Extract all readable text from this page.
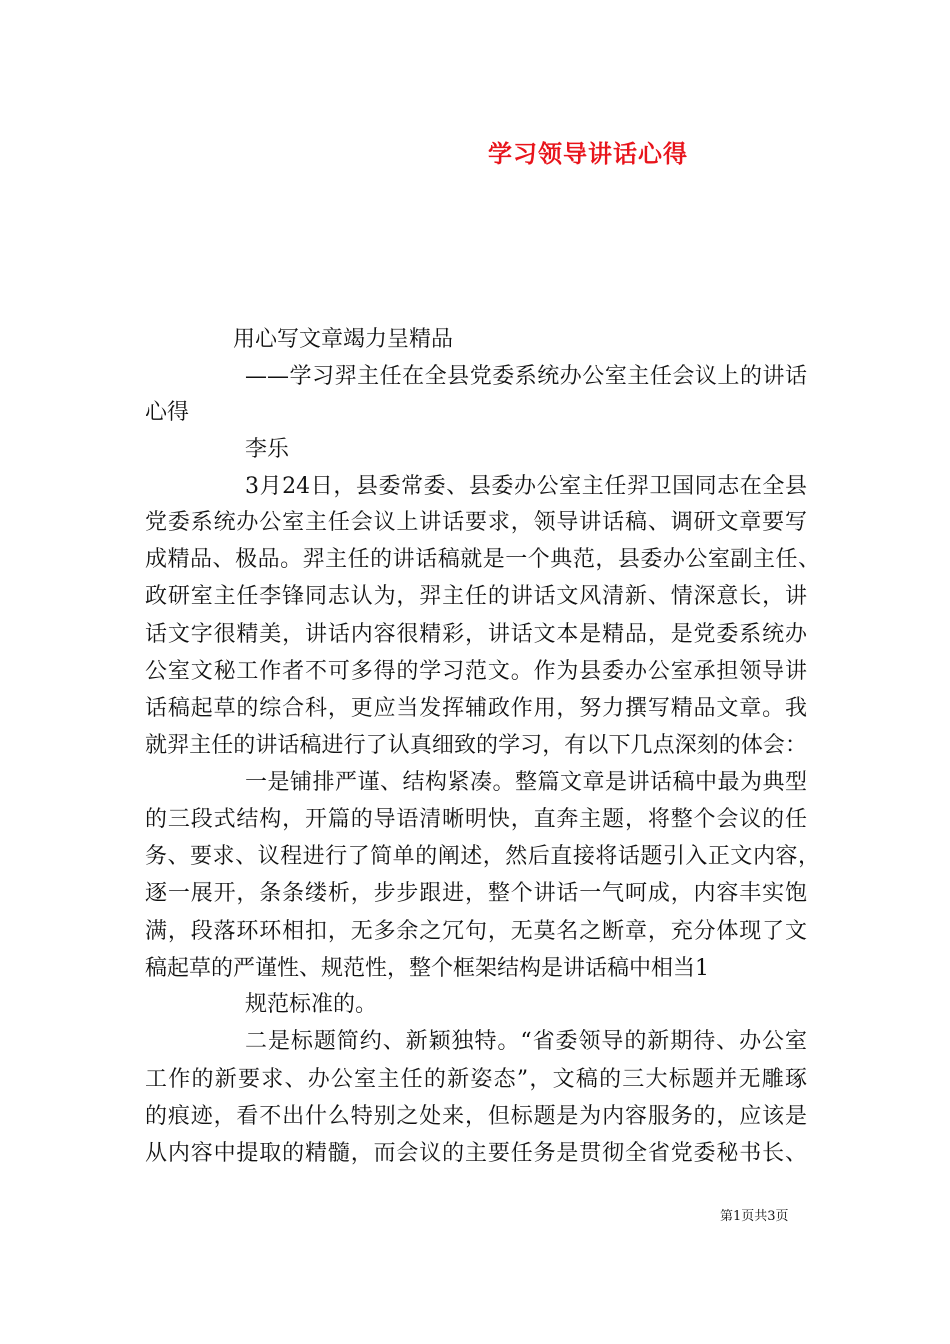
学习领导讲话心得
用心写文章竭力呈精品
——学习羿主任在全县党委系统办公室主任会议上的讲话
心得
李乐
3月24日，县委常委、县委办公室主任羿卫国同志在全县
党委系统办公室主任会议上讲话要求，领导讲话稿、调研文章要写
成精品、极品。羿主任的讲话稿就是一个典范，县委办公室副主任、
政研室主任李锋同志认为，羿主任的讲话文风清新、情深意长，讲
话文字很精美，讲话内容很精彩，讲话文本是精品，是党委系统办
公室文秘工作者不可多得的学习范文。作为县委办公室承担领导讲
话稿起草的综合科，更应当发挥辅政作用，努力撰写精品文章。我
就羿主任的讲话稿进行了认真细致的学习，有以下几点深刻的体会：
一是铺排严谨、结构紧凑。整篇文章是讲话稿中最为典型
的三段式结构，开篇的导语清晰明快，直奔主题，将整个会议的任
务、要求、议程进行了简单的阐述，然后直接将话题引入正文内容，
逐一展开，条条缕析，步步跟进，整个讲话一气呵成，内容丰实饱
满，段落环环相扣，无多余之冗句，无莫名之断章，充分体现了文
稿起草的严谨性、规范性，整个框架结构是讲话稿中相当1
规范标准的。
二是标题简约、新颖独特。“省委领导的新期待、办公室
工作的新要求、办公室主任的新姿态”，文稿的三大标题并无雕琢
的痕迹，看不出什么特别之处来，但标题是为内容服务的，应该是
从内容中提取的精髓，而会议的主要任务是贯彻全省党委秘书长、
第1页共3页
